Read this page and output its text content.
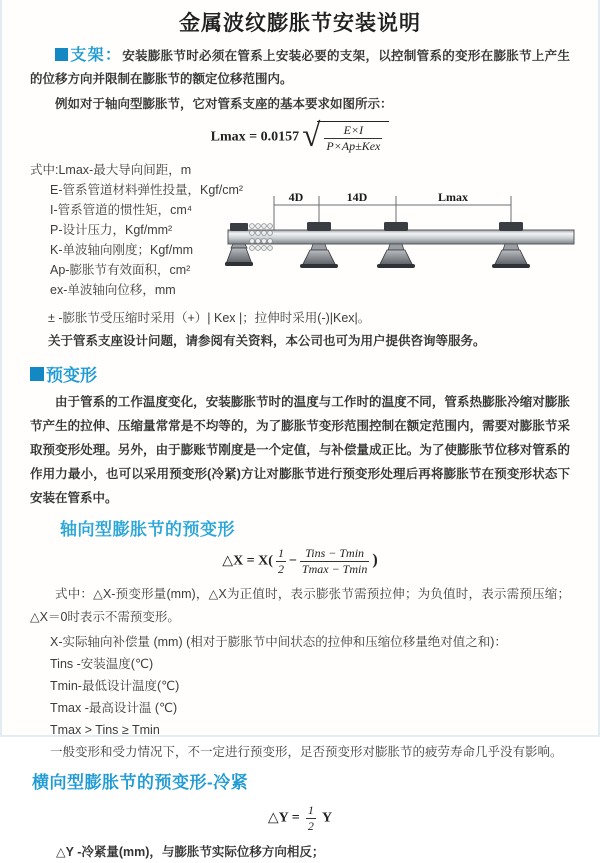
金属波纹膨胀节安装说明

支架：安装膨胀节时必须在管系上安装必要的支架，以控制管系的变形在膨胀节上产生的位移方向并限制在膨胀节的额定位移范围内。

例如对于轴向型膨胀节，它对管系支座的基本要求如图所示：

Lmax = 0.0157 √ $\frac{E\times I}{\text{P×Ap±Kex}}$
式中:Lmax-最大导向间距，m
E-管系管道材料弹性投量，Kgf/cm²
I-管系管道的惯性矩，cm⁴
P-设计压力，Kgf/mm²
K-单波轴向刚度；Kgf/mm
Ap-膨胀节有效面积，cm²
ex-单波轴向位移，mm
4D	14D	Lmax
± -膨胀节受压缩时采用（+）| Kex |；拉伸时采用(-)|Kex|。
关于管系支座设计问题，请参阅有关资料，本公司也可为用户提供咨询等服务。
预变形

由于管系的工作温度变化，安装膨胀节时的温度与工作时的温度不同，管系热膨胀冷缩对膨胀节产生的拉伸、压缩量常常是不均等的，为了膨胀节变形范围控制在额定范围内，需要对膨胀节采取预变形处理。另外，由于膨账节刚度是一个定值，与补偿量成正比。为了使膨胀节位移对管系的作用力最小，也可以采用预变形(冷紧)方让对膨胀节进行预变形处理后再将膨胀节在预变形状态下安装在管系中。

轴向型膨胀节的预变形
△X = $X( \frac{1}{2} - \frac{\text{Tins − Tmin}}{Tmax - Tmin}$ )

式中：△X-预变形量(mm)，△X为正值时，表示膨张节需预拉伸；为负值时，表示需预压缩；△X＝0时表示不需预变形。

X-实际轴向补偿量 (mm) (相对于膨胀节中间状态的拉伸和压缩位移量绝对值之和)：
Tins -安装温度(℃)
Tmin-最低设计温度(℃)
Tmax -最高设计温 (℃)
Tmax > Tins ≥ Tmin
一般变形和受力情况下，不一定进行预变形，足否预变形对膨胀节的疲劳寿命几乎没有影响。
横向型膨胀节的预变形-冷紧
△Y = $\frac{1}{2}$ Y
△Y -冷紧量(mm)，与膨胀节实际位移方向相反；
